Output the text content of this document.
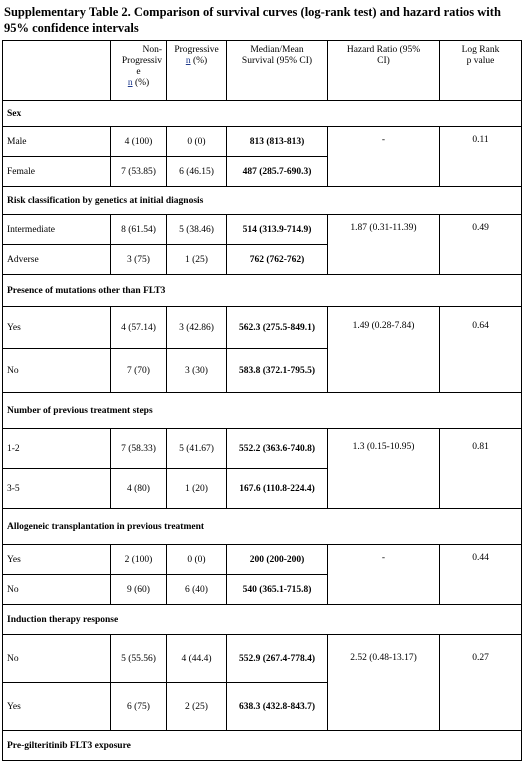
Supplementary Table 2. Comparison of survival curves (log-rank test) and hazard ratios with 95% confidence intervals
	Non-
Progressiv

e
n (%)	Progressive
n (%)	Median/Mean
Survival (95% CI)	Hazard Ratio (95%
CI)	Log Rank
p value
Sex					
Male	4 (100)	0 (0)	813 (813-813)	-	0.11
Female	7 (53.85)	6 (46.15)	487 (285.7-690.3)		
Risk classification by genetics at initial diagnosis					
Intermediate	8 (61.54)	5 (38.46)	514 (313.9-714.9)	1.87 (0.31-11.39)	0.49
Adverse	3 (75)	1 (25)	762 (762-762)		
Presence of mutations other than FLT3					
Yes	4 (57.14)	3 (42.86)	562.3 (275.5-849.1)	1.49 (0.28-7.84)	0.64
No	7 (70)	3 (30)	583.8 (372.1-795.5)		
Number of previous treatment steps					
1-2	7 (58.33)	5 (41.67)	552.2 (363.6-740.8)	1.3 (0.15-10.95)	0.81
3-5	4 (80)	1 (20)	167.6 (110.8-224.4)		
Allogeneic transplantation in previous treatment					
Yes	2 (100)	0 (0)	200 (200-200)	-	0.44
No	9 (60)	6 (40)	540 (365.1-715.8)		
Induction therapy response					
No	5 (55.56)	4 (44.4)	552.9 (267.4-778.4)	2.52 (0.48-13.17)	0.27
Yes	6 (75)	2 (25)	638.3 (432.8-843.7)		
Pre-gilteritinib FLT3 exposure					
